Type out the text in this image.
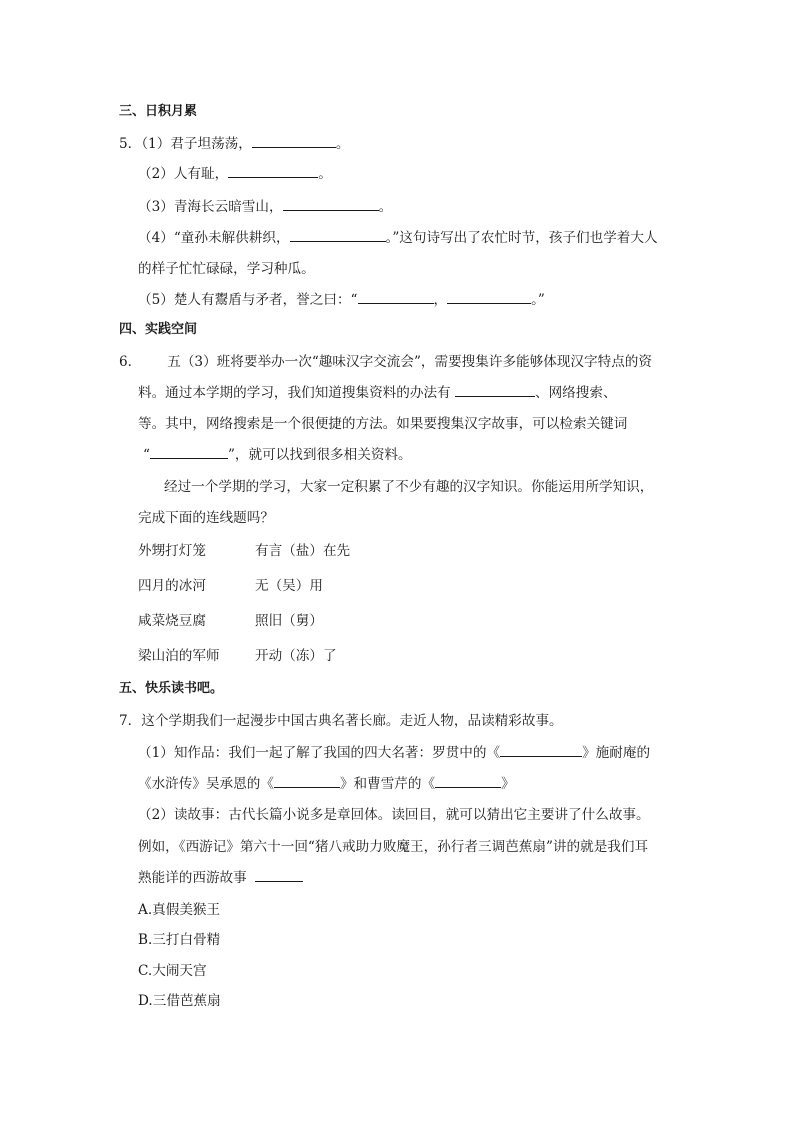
三、日积月累
5．（1）君子坦荡荡，	。
（2）人有耻，	。
（3）青海长云暗雪山，	。
（4）“童孙未解供耕织，	。”这句诗写出了农忙时节，孩子们也学着大人
的样子忙忙碌碌，学习种瓜。
（5）楚人有鬻盾与矛者，誉之曰：“	，	。”
四、实践空间
6． 五（3）班将要举办一次“趣味汉字交流会”，需要搜集许多能够体现汉字特点的资
料。通过本学期的学习，我们知道搜集资料的办法有	、网络搜索、
等。其中，网络搜索是一个很便捷的方法。如果要搜集汉字故事，可以检索关键词
“	”，就可以找到很多相关资料。
经过一个学期的学习，大家一定积累了不少有趣的汉字知识。你能运用所学知识，
完成下面的连线题吗？
外甥打灯笼	有言（盐）在先
四月的冰河	无（吴）用
咸菜烧豆腐	照旧（舅）
梁山泊的军师	开动（冻）了
五、快乐读书吧。
7．这个学期我们一起漫步中国古典名著长廊。走近人物，品读精彩故事。
（1）知作品：我们一起了解了我国的四大名著：罗贯中的《	》施耐庵的
《水浒传》吴承恩的《	》和曹雪芹的《	》
（2）读故事：古代长篇小说多是章回体。读回目，就可以猜出它主要讲了什么故事。
例如，《西游记》第六十一回“猪八戒助力败魔王，孙行者三调芭蕉扇”讲的就是我们耳
熟能详的西游故事
A.真假美猴王
B.三打白骨精
C.大闹天宫
D.三借芭蕉扇
